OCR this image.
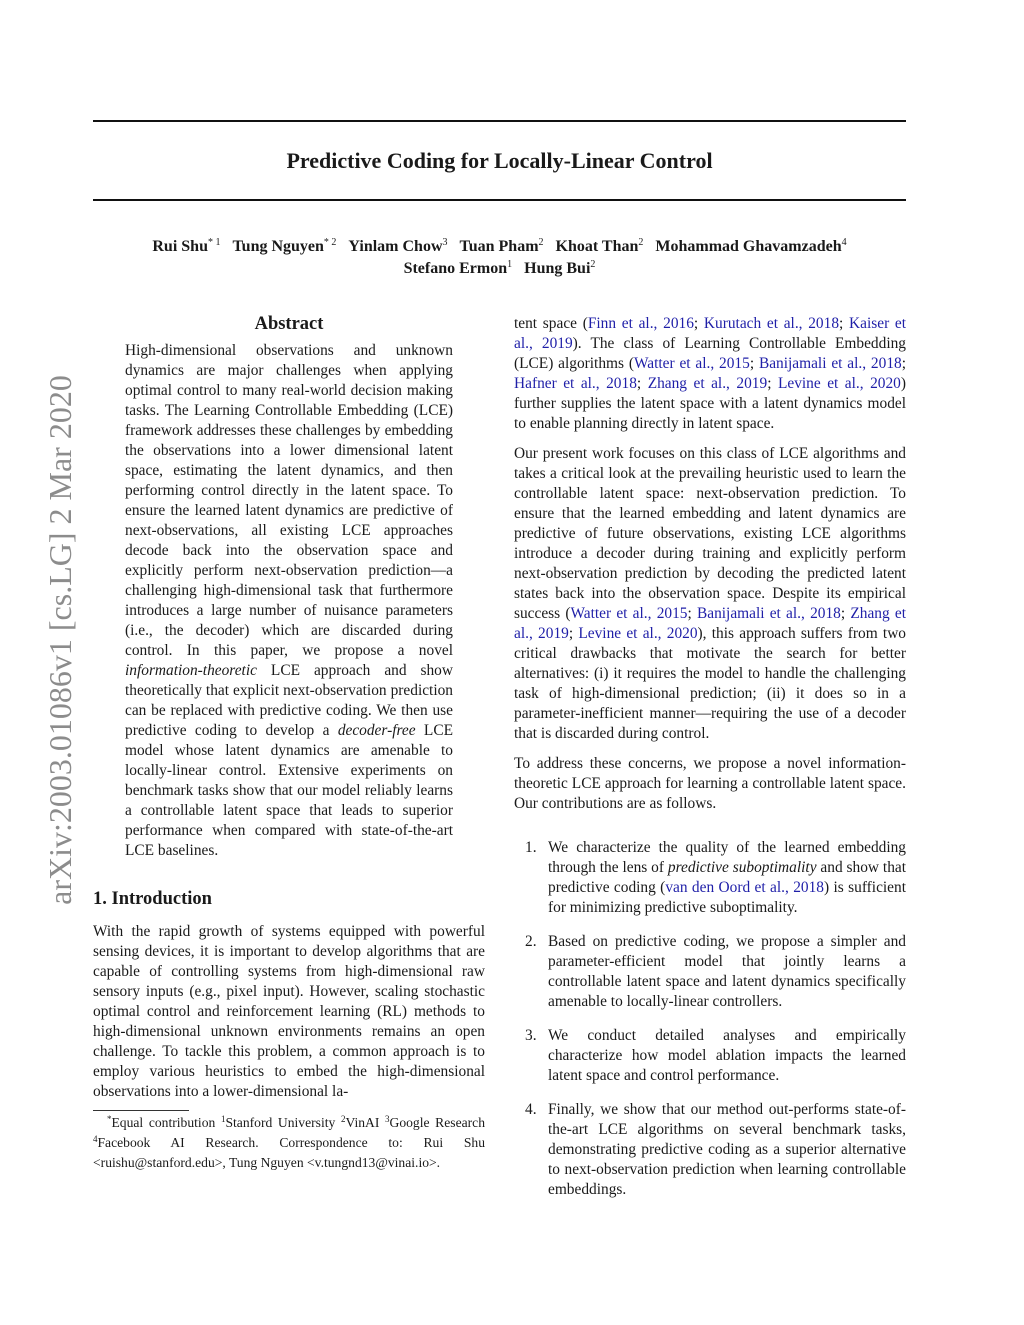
Predictive Coding for Locally-Linear Control
Rui Shu$^{* 1}$ Tung Nguyen$^{* 2}$ Yinlam Chow$^3$ Tuan Pham$^2$ Khoat Than$^2$ Mohammad Ghavamzadeh$^4$
Stefano Ermon$^1$ Hung Bui$^2$
arXiv:2003.01086v1 [cs.LG] 2 Mar 2020
Abstract

High-dimensional observations and unknown dynamics are major challenges when applying optimal control to many real-world decision making tasks. The Learning Controllable Embedding (LCE) framework addresses these challenges by embedding the observations into a lower dimensional latent space, estimating the latent dynamics, and then performing control directly in the latent space. To ensure the learned latent dynamics are predictive of next-observations, all existing LCE approaches decode back into the observation space and explicitly perform next-observation prediction—a challenging high-dimensional task that furthermore introduces a large number of nuisance parameters (i.e., the decoder) which are discarded during control. In this paper, we propose a novel information-theoretic LCE approach and show theoretically that explicit next-observation prediction can be replaced with predictive coding. We then use predictive coding to develop a decoder-free LCE model whose latent dynamics are amenable to locally-linear control. Extensive experiments on benchmark tasks show that our model reliably learns a controllable latent space that leads to superior performance when compared with state-of-the-art LCE baselines.

1. Introduction

With the rapid growth of systems equipped with powerful sensing devices, it is important to develop algorithms that are capable of controlling systems from high-dimensional raw sensory inputs (e.g., pixel input). However, scaling stochastic optimal control and reinforcement learning (RL) methods to high-dimensional unknown environments remains an open challenge. To tackle this problem, a common approach is to employ various heuristics to embed the high-dimensional observations into a lower-dimensional la-

*Equal contribution $^1$Stanford University $^2$VinAI $^3$Google Research $^4$Facebook AI Research. Correspondence to: Rui Shu <ruishu@stanford.edu>, Tung Nguyen <v.tungnd13@vinai.io>.

tent space (Finn et al., 2016; Kurutach et al., 2018; Kaiser et al., 2019). The class of Learning Controllable Embedding (LCE) algorithms (Watter et al., 2015; Banijamali et al., 2018; Hafner et al., 2018; Zhang et al., 2019; Levine et al., 2020) further supplies the latent space with a latent dynamics model to enable planning directly in latent space.

Our present work focuses on this class of LCE algorithms and takes a critical look at the prevailing heuristic used to learn the controllable latent space: next-observation prediction. To ensure that the learned embedding and latent dynamics are predictive of future observations, existing LCE algorithms introduce a decoder during training and explicitly perform next-observation prediction by decoding the predicted latent states back into the observation space. Despite its empirical success (Watter et al., 2015; Banijamali et al., 2018; Zhang et al., 2019; Levine et al., 2020), this approach suffers from two critical drawbacks that motivate the search for better alternatives: (i) it requires the model to handle the challenging task of high-dimensional prediction; (ii) it does so in a parameter-inefficient manner—requiring the use of a decoder that is discarded during control.

To address these concerns, we propose a novel information-theoretic LCE approach for learning a controllable latent space. Our contributions are as follows.

1. We characterize the quality of the learned embedding through the lens of predictive suboptimality and show that predictive coding (van den Oord et al., 2018) is sufficient for minimizing predictive suboptimality.
2. Based on predictive coding, we propose a simpler and parameter-efficient model that jointly learns a controllable latent space and latent dynamics specifically amenable to locally-linear controllers.
3. We conduct detailed analyses and empirically characterize how model ablation impacts the learned latent space and control performance.
4. Finally, we show that our method out-performs state-of-the-art LCE algorithms on several benchmark tasks, demonstrating predictive coding as a superior alternative to next-observation prediction when learning controllable embeddings.
